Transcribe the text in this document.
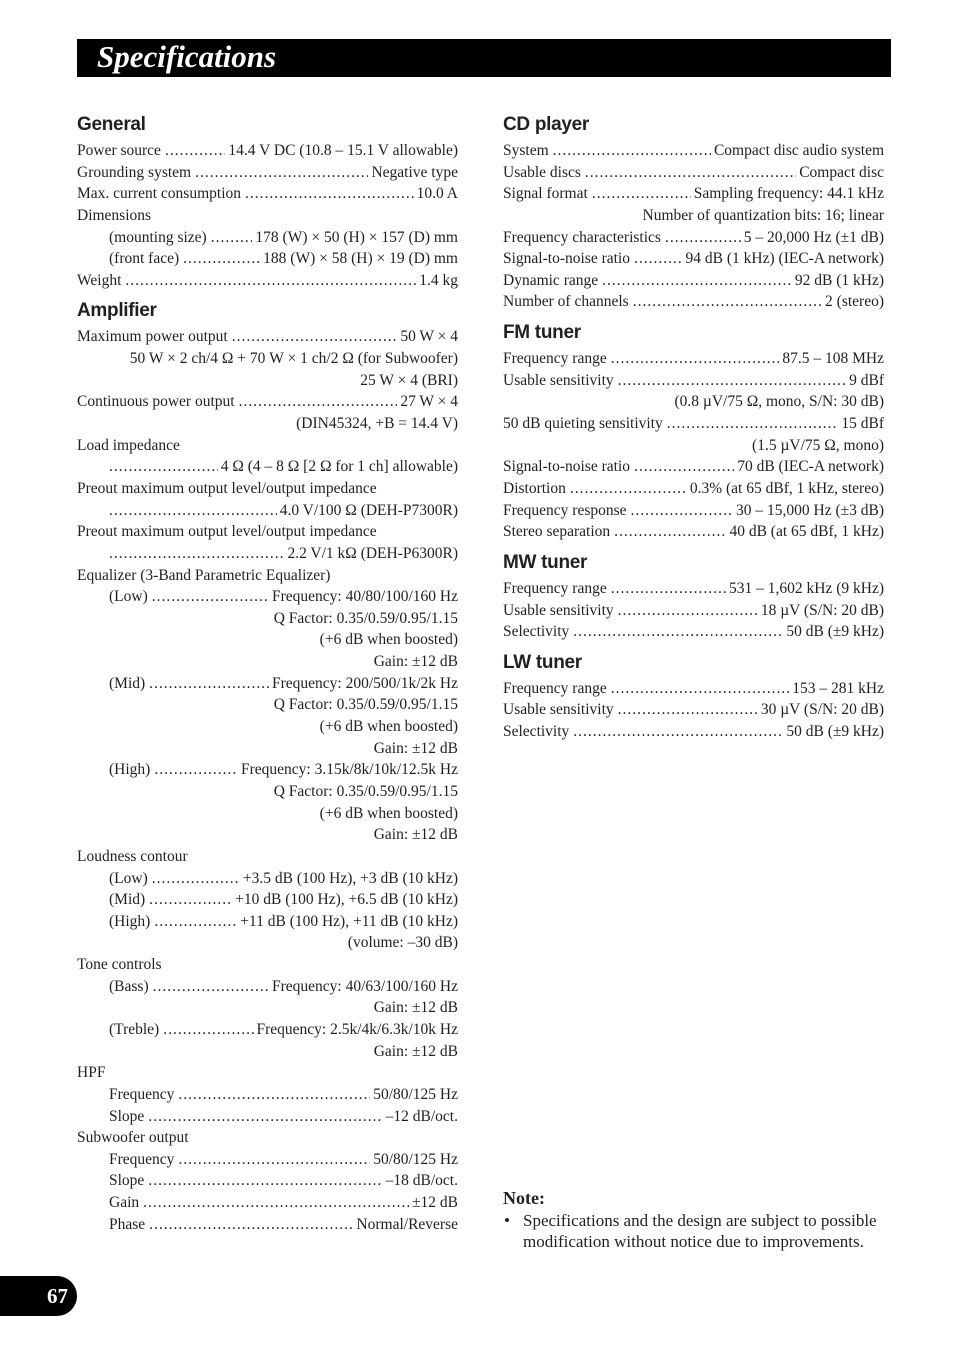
Specifications
General
Power source .....	14.4 V DC (10.8 – 15.1 V allowable)
Grounding system .....	Negative type
Max. current consumption .....	10.0 A
Dimensions
(mounting size) .....	178 (W) × 50 (H) × 157 (D) mm
(front face) .....	188 (W) × 58 (H) × 19 (D) mm
Weight .....	1.4 kg
Amplifier
Maximum power output .....	50 W × 4
50 W × 2 ch/4 Ω + 70 W × 1 ch/2 Ω (for Subwoofer)
25 W × 4 (BRI)
Continuous power output .....	27 W × 4
(DIN45324, +B = 14.4 V)
Load impedance
.....
4 Ω (4 – 8 Ω [2 Ω for 1 ch] allowable)
Preout maximum output level/output impedance
.....
4.0 V/100 Ω (DEH-P7300R)
Preout maximum output level/output impedance
.....
2.2 V/1 kΩ (DEH-P6300R)
Equalizer (3-Band Parametric Equalizer)
(Low) .....	Frequency: 40/80/100/160 Hz
Q Factor: 0.35/0.59/0.95/1.15
(+6 dB when boosted)
Gain: ±12 dB
(Mid) .....	Frequency: 200/500/1k/2k Hz
Q Factor: 0.35/0.59/0.95/1.15
(+6 dB when boosted)
Gain: ±12 dB
(High) .....	Frequency: 3.15k/8k/10k/12.5k Hz
Q Factor: 0.35/0.59/0.95/1.15
(+6 dB when boosted)
Gain: ±12 dB
Loudness contour
(Low) .....	+3.5 dB (100 Hz), +3 dB (10 kHz)
(Mid) .....	+10 dB (100 Hz), +6.5 dB (10 kHz)
(High) .....	+11 dB (100 Hz), +11 dB (10 kHz)
(volume: –30 dB)
Tone controls
(Bass) .....	Frequency: 40/63/100/160 Hz
Gain: ±12 dB
(Treble) .....	Frequency: 2.5k/4k/6.3k/10k Hz
Gain: ±12 dB
HPF
Frequency .....	50/80/125 Hz
Slope .....	–12 dB/oct.
Subwoofer output
Frequency .....	50/80/125 Hz
Slope .....	–18 dB/oct.
Gain .....	±12 dB
Phase .....	Normal/Reverse
CD player
System .....	Compact disc audio system
Usable discs .....	Compact disc
Signal format .....	Sampling frequency: 44.1 kHz
Number of quantization bits: 16; linear
Frequency characteristics .....	5 – 20,000 Hz (±1 dB)
Signal-to-noise ratio .....	94 dB (1 kHz) (IEC-A network)
Dynamic range .....	92 dB (1 kHz)
Number of channels .....	2 (stereo)
FM tuner
Frequency range .....	87.5 – 108 MHz
Usable sensitivity .....	9 dBf
(0.8 µV/75 Ω, mono, S/N: 30 dB)
50 dB quieting sensitivity .....	15 dBf
(1.5 µV/75 Ω, mono)
Signal-to-noise ratio .....	70 dB (IEC-A network)
Distortion .....	0.3% (at 65 dBf, 1 kHz, stereo)
Frequency response .....	30 – 15,000 Hz (±3 dB)
Stereo separation .....	40 dB (at 65 dBf, 1 kHz)
MW tuner
Frequency range .....	531 – 1,602 kHz (9 kHz)
Usable sensitivity .....	18 µV (S/N: 20 dB)
Selectivity .....	50 dB (±9 kHz)
LW tuner
Frequency range .....	153 – 281 kHz
Usable sensitivity .....	30 µV (S/N: 20 dB)
Selectivity .....	50 dB (±9 kHz)
Note:
• Specifications and the design are subject to possible modification without notice due to improvements.
67
